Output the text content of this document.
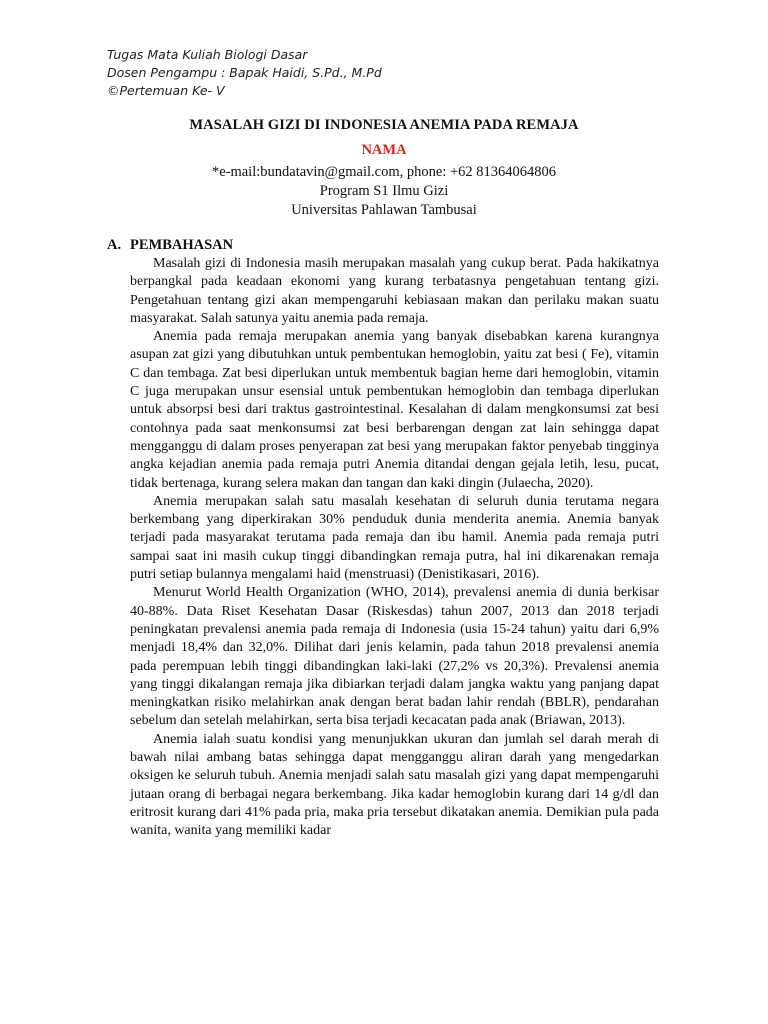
Tugas Mata Kuliah Biologi Dasar
Dosen Pengampu : Bapak Haidi, S.Pd., M.Pd
©Pertemuan Ke- V
MASALAH GIZI DI INDONESIA ANEMIA PADA REMAJA
NAMA
*e-mail:bundatavin@gmail.com, phone: +62 81364064806
Program S1 Ilmu Gizi
Universitas Pahlawan Tambusai
A. PEMBAHASAN

Masalah gizi di Indonesia masih merupakan masalah yang cukup berat. Pada hakikatnya berpangkal pada keadaan ekonomi yang kurang terbatasnya pengetahuan tentang gizi. Pengetahuan tentang gizi akan mempengaruhi kebiasaan makan dan perilaku makan suatu masyarakat. Salah satunya yaitu anemia pada remaja.

Anemia pada remaja merupakan anemia yang banyak disebabkan karena kurangnya asupan zat gizi yang dibutuhkan untuk pembentukan hemoglobin, yaitu zat besi ( Fe), vitamin C dan tembaga. Zat besi diperlukan untuk membentuk bagian heme dari hemoglobin, vitamin C juga merupakan unsur esensial untuk pembentukan hemoglobin dan tembaga diperlukan untuk absorpsi besi dari traktus gastrointestinal. Kesalahan di dalam mengkonsumsi zat besi contohnya pada saat menkonsumsi zat besi berbarengan dengan zat lain sehingga dapat mengganggu di dalam proses penyerapan zat besi yang merupakan faktor penyebab tingginya angka kejadian anemia pada remaja putri Anemia ditandai dengan gejala letih, lesu, pucat, tidak bertenaga, kurang selera makan dan tangan dan kaki dingin (Julaecha, 2020).

Anemia merupakan salah satu masalah kesehatan di seluruh dunia terutama negara berkembang yang diperkirakan 30% penduduk dunia menderita anemia. Anemia banyak terjadi pada masyarakat terutama pada remaja dan ibu hamil. Anemia pada remaja putri sampai saat ini masih cukup tinggi dibandingkan remaja putra, hal ini dikarenakan remaja putri setiap bulannya mengalami haid (menstruasi) (Denistikasari, 2016).

Menurut World Health Organization (WHO, 2014), prevalensi anemia di dunia berkisar 40-88%. Data Riset Kesehatan Dasar (Riskesdas) tahun 2007, 2013 dan 2018 terjadi peningkatan prevalensi anemia pada remaja di Indonesia (usia 15-24 tahun) yaitu dari 6,9% menjadi 18,4% dan 32,0%. Dilihat dari jenis kelamin, pada tahun 2018 prevalensi anemia pada perempuan lebih tinggi dibandingkan laki-laki (27,2% vs 20,3%). Prevalensi anemia yang tinggi dikalangan remaja jika dibiarkan terjadi dalam jangka waktu yang panjang dapat meningkatkan risiko melahirkan anak dengan berat badan lahir rendah (BBLR), pendarahan sebelum dan setelah melahirkan, serta bisa terjadi kecacatan pada anak (Briawan, 2013).

Anemia ialah suatu kondisi yang menunjukkan ukuran dan jumlah sel darah merah di bawah nilai ambang batas sehingga dapat mengganggu aliran darah yang mengedarkan oksigen ke seluruh tubuh. Anemia menjadi salah satu masalah gizi yang dapat mempengaruhi jutaan orang di berbagai negara berkembang. Jika kadar hemoglobin kurang dari 14 g/dl dan eritrosit kurang dari 41% pada pria, maka pria tersebut dikatakan anemia. Demikian pula pada wanita, wanita yang memiliki kadar
